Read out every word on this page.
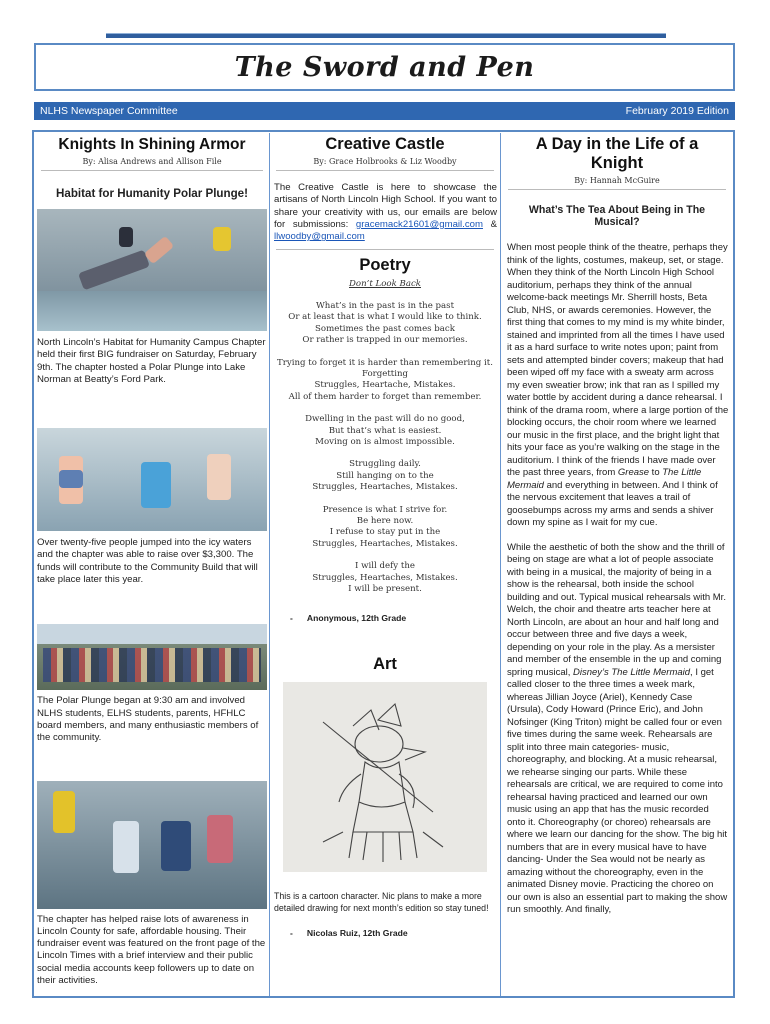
The Sword and Pen
NLHS Newspaper Committee	February 2019 Edition
Knights In Shining Armor
By: Alisa Andrews and Allison File
Habitat for Humanity Polar Plunge!
North Lincoln’s Habitat for Humanity Campus Chapter held their first BIG fundraiser on Saturday, February 9th. The chapter hosted a Polar Plunge into Lake Norman at Beatty’s Ford Park.
Over twenty-five people jumped into the icy waters and the chapter was able to raise over $3,300. The funds will contribute to the Community Build that will take place later this year.
The Polar Plunge began at 9:30 am and involved NLHS students, ELHS students, parents, HFHLC board members, and many enthusiastic members of the community.
The chapter has helped raise lots of awareness in Lincoln County for safe, affordable housing. Their fundraiser event was featured on the front page of the Lincoln Times with a brief interview and their public social media accounts keep followers up to date on their activities.
Creative Castle
By: Grace Holbrooks & Liz Woodby
The Creative Castle is here to showcase the artisans of North Lincoln High School. If you want to share your creativity with us, our emails are below for submissions: gracemack21601@gmail.com & llwoodby@gmail.com
Poetry
Don’t Look Back
What’s in the past is in the past
Or at least that is what I would like to think.
Sometimes the past comes back
Or rather is trapped in our memories.
Trying to forget it is harder than remembering it.
Forgetting
Struggles, Heartache, Mistakes.
All of them harder to forget than remember.
Dwelling in the past will do no good,
But that’s what is easiest.
Moving on is almost impossible.
Struggling daily.
Still hanging on to the
Struggles, Heartaches, Mistakes.
Presence is what I strive for.
Be here now.
I refuse to stay put in the
Struggles, Heartaches, Mistakes.
I will defy the
Struggles, Heartaches, Mistakes.
I will be present.
- Anonymous, 12th Grade
Art
This is a cartoon character. Nic plans to make a more detailed drawing for next month’s edition so stay tuned!
- Nicolas Ruiz, 12th Grade
A Day in the Life of a Knight
By: Hannah McGuire
What’s The Tea About Being in The Musical?
When most people think of the theatre, perhaps they think of the lights, costumes, makeup, set, or stage. When they think of the North Lincoln High School auditorium, perhaps they think of the annual welcome-back meetings Mr. Sherrill hosts, Beta Club, NHS, or awards ceremonies. However, the first thing that comes to my mind is my white binder, stained and imprinted from all the times I have used it as a hard surface to write notes upon; paint from sets and attempted binder covers; makeup that had been wiped off my face with a sweaty arm across my even sweatier brow; ink that ran as I spilled my water bottle by accident during a dance rehearsal. I think of the drama room, where a large portion of the blocking occurs, the choir room where we learned our music in the first place, and the bright light that hits your face as you’re walking on the stage in the auditorium. I think of the friends I have made over the past three years, from Grease to The Little Mermaid and everything in between. And I think of the nervous excitement that leaves a trail of goosebumps across my arms and sends a shiver down my spine as I wait for my cue.
While the aesthetic of both the show and the thrill of being on stage are what a lot of people associate with being in a musical, the majority of being in a show is the rehearsal, both inside the school building and out. Typical musical rehearsals with Mr. Welch, the choir and theatre arts teacher here at North Lincoln, are about an hour and half long and occur between three and five days a week, depending on your role in the play. As a mersister and member of the ensemble in the up and coming spring musical, Disney’s The Little Mermaid, I get called closer to the three times a week mark, whereas Jillian Joyce (Ariel), Kennedy Case (Ursula), Cody Howard (Prince Eric), and John Nofsinger (King Triton) might be called four or even five times during the same week. Rehearsals are split into three main categories- music, choreography, and blocking. At a music rehearsal, we rehearse singing our parts. While these rehearsals are critical, we are required to come into rehearsal having practiced and learned our own music using an app that has the music recorded onto it. Choreography (or choreo) rehearsals are where we learn our dancing for the show. The big hit numbers that are in every musical have to have dancing- Under the Sea would not be nearly as amazing without the choreography, even in the animated Disney movie. Practicing the choreo on our own is also an essential part to making the show run smoothly. And finally,
